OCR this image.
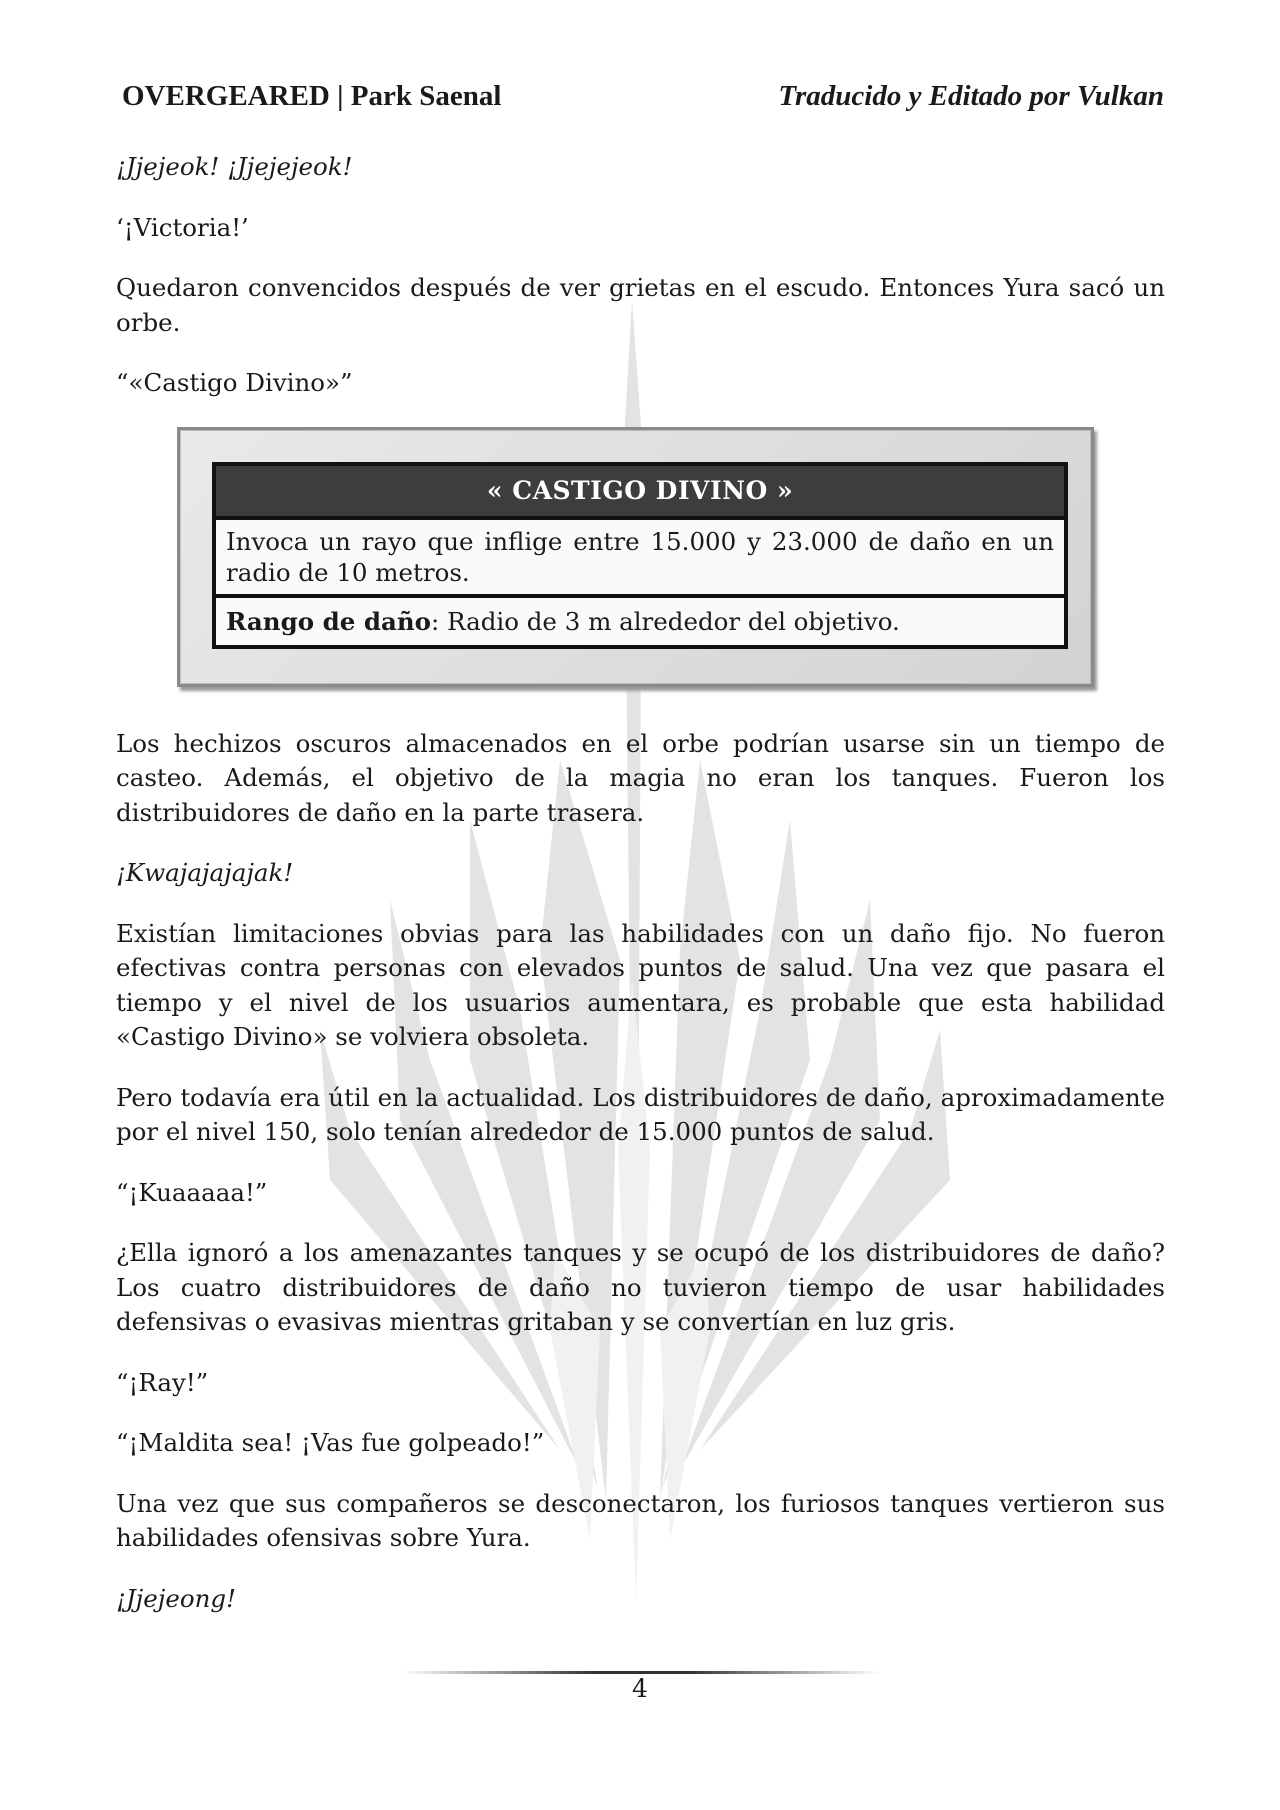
OVERGEARED | Park Saenal	Traducido y Editado por Vulkan

¡Jjejeok! ¡Jjejejeok!

‘¡Victoria!’

Quedaron convencidos después de ver grietas en el escudo. Entonces Yura sacó un orbe.

“«Castigo Divino»”

« CASTIGO DIVINO »
Invoca un rayo que inflige entre 15.000 y 23.000 de daño en un radio de 10 metros.
Rango de daño: Radio de 3 m alrededor del objetivo.

Los hechizos oscuros almacenados en el orbe podrían usarse sin un tiempo de casteo. Además, el objetivo de la magia no eran los tanques. Fueron los distribuidores de daño en la parte trasera.

¡Kwajajajajak!

Existían limitaciones obvias para las habilidades con un daño fijo. No fueron efectivas contra personas con elevados puntos de salud. Una vez que pasara el tiempo y el nivel de los usuarios aumentara, es probable que esta habilidad «Castigo Divino» se volviera obsoleta.

Pero todavía era útil en la actualidad. Los distribuidores de daño, aproximadamente por el nivel 150, solo tenían alrededor de 15.000 puntos de salud.

“¡Kuaaaaa!”

¿Ella ignoró a los amenazantes tanques y se ocupó de los distribuidores de daño? Los cuatro distribuidores de daño no tuvieron tiempo de usar habilidades defensivas o evasivas mientras gritaban y se convertían en luz gris.

“¡Ray!”

“¡Maldita sea! ¡Vas fue golpeado!”

Una vez que sus compañeros se desconectaron, los furiosos tanques vertieron sus habilidades ofensivas sobre Yura.

¡Jjejeong!

4
